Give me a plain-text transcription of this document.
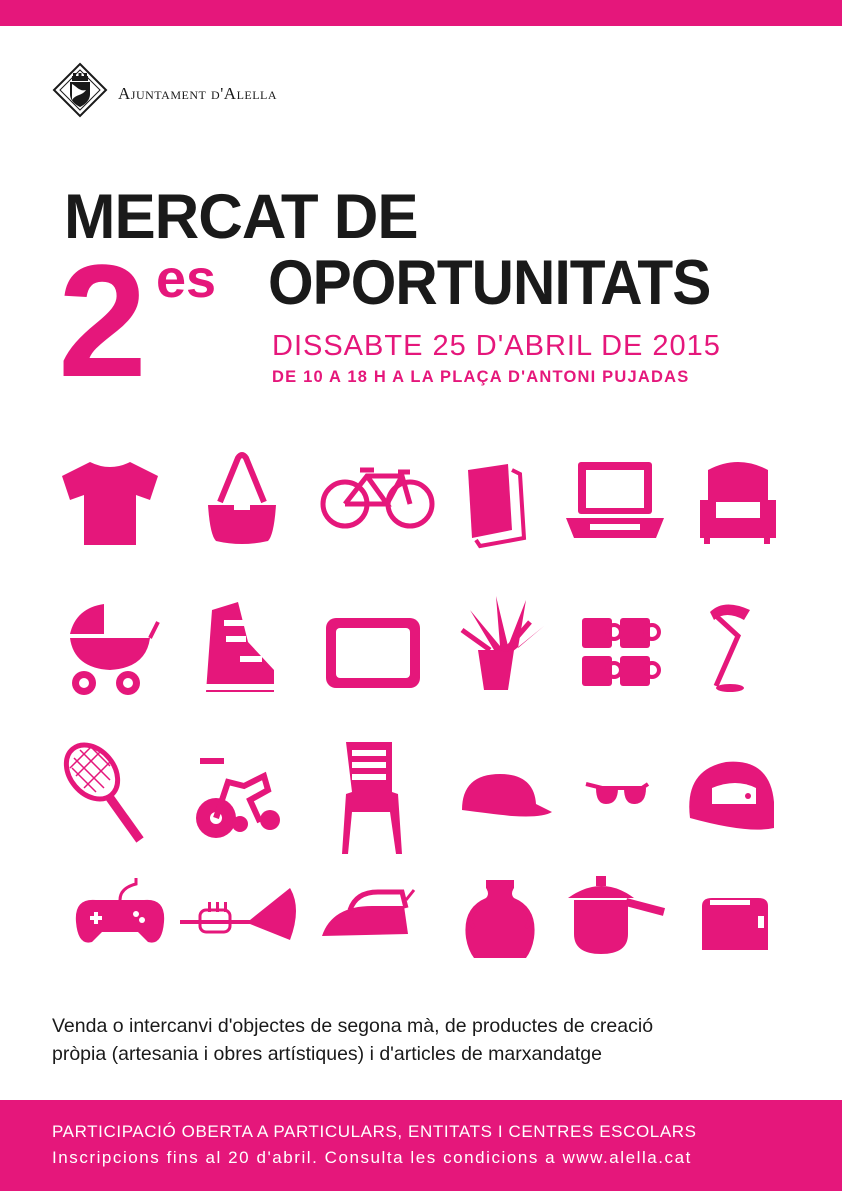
Ajuntament d'Alella
MERCAT DE
2 es OPORTUNITATS
DISSABTE 25 D'ABRIL DE 2015
DE 10 A 18 H A LA PLAÇA D'ANTONI PUJADAS
Venda o intercanvi d'objectes de segona mà, de productes de creació
pròpia (artesania i obres artístiques) i d'articles de marxandatge
PARTICIPACIÓ OBERTA A PARTICULARS, ENTITATS I CENTRES ESCOLARS
Inscripcions fins al 20 d'abril. Consulta les condicions a www.alella.cat
